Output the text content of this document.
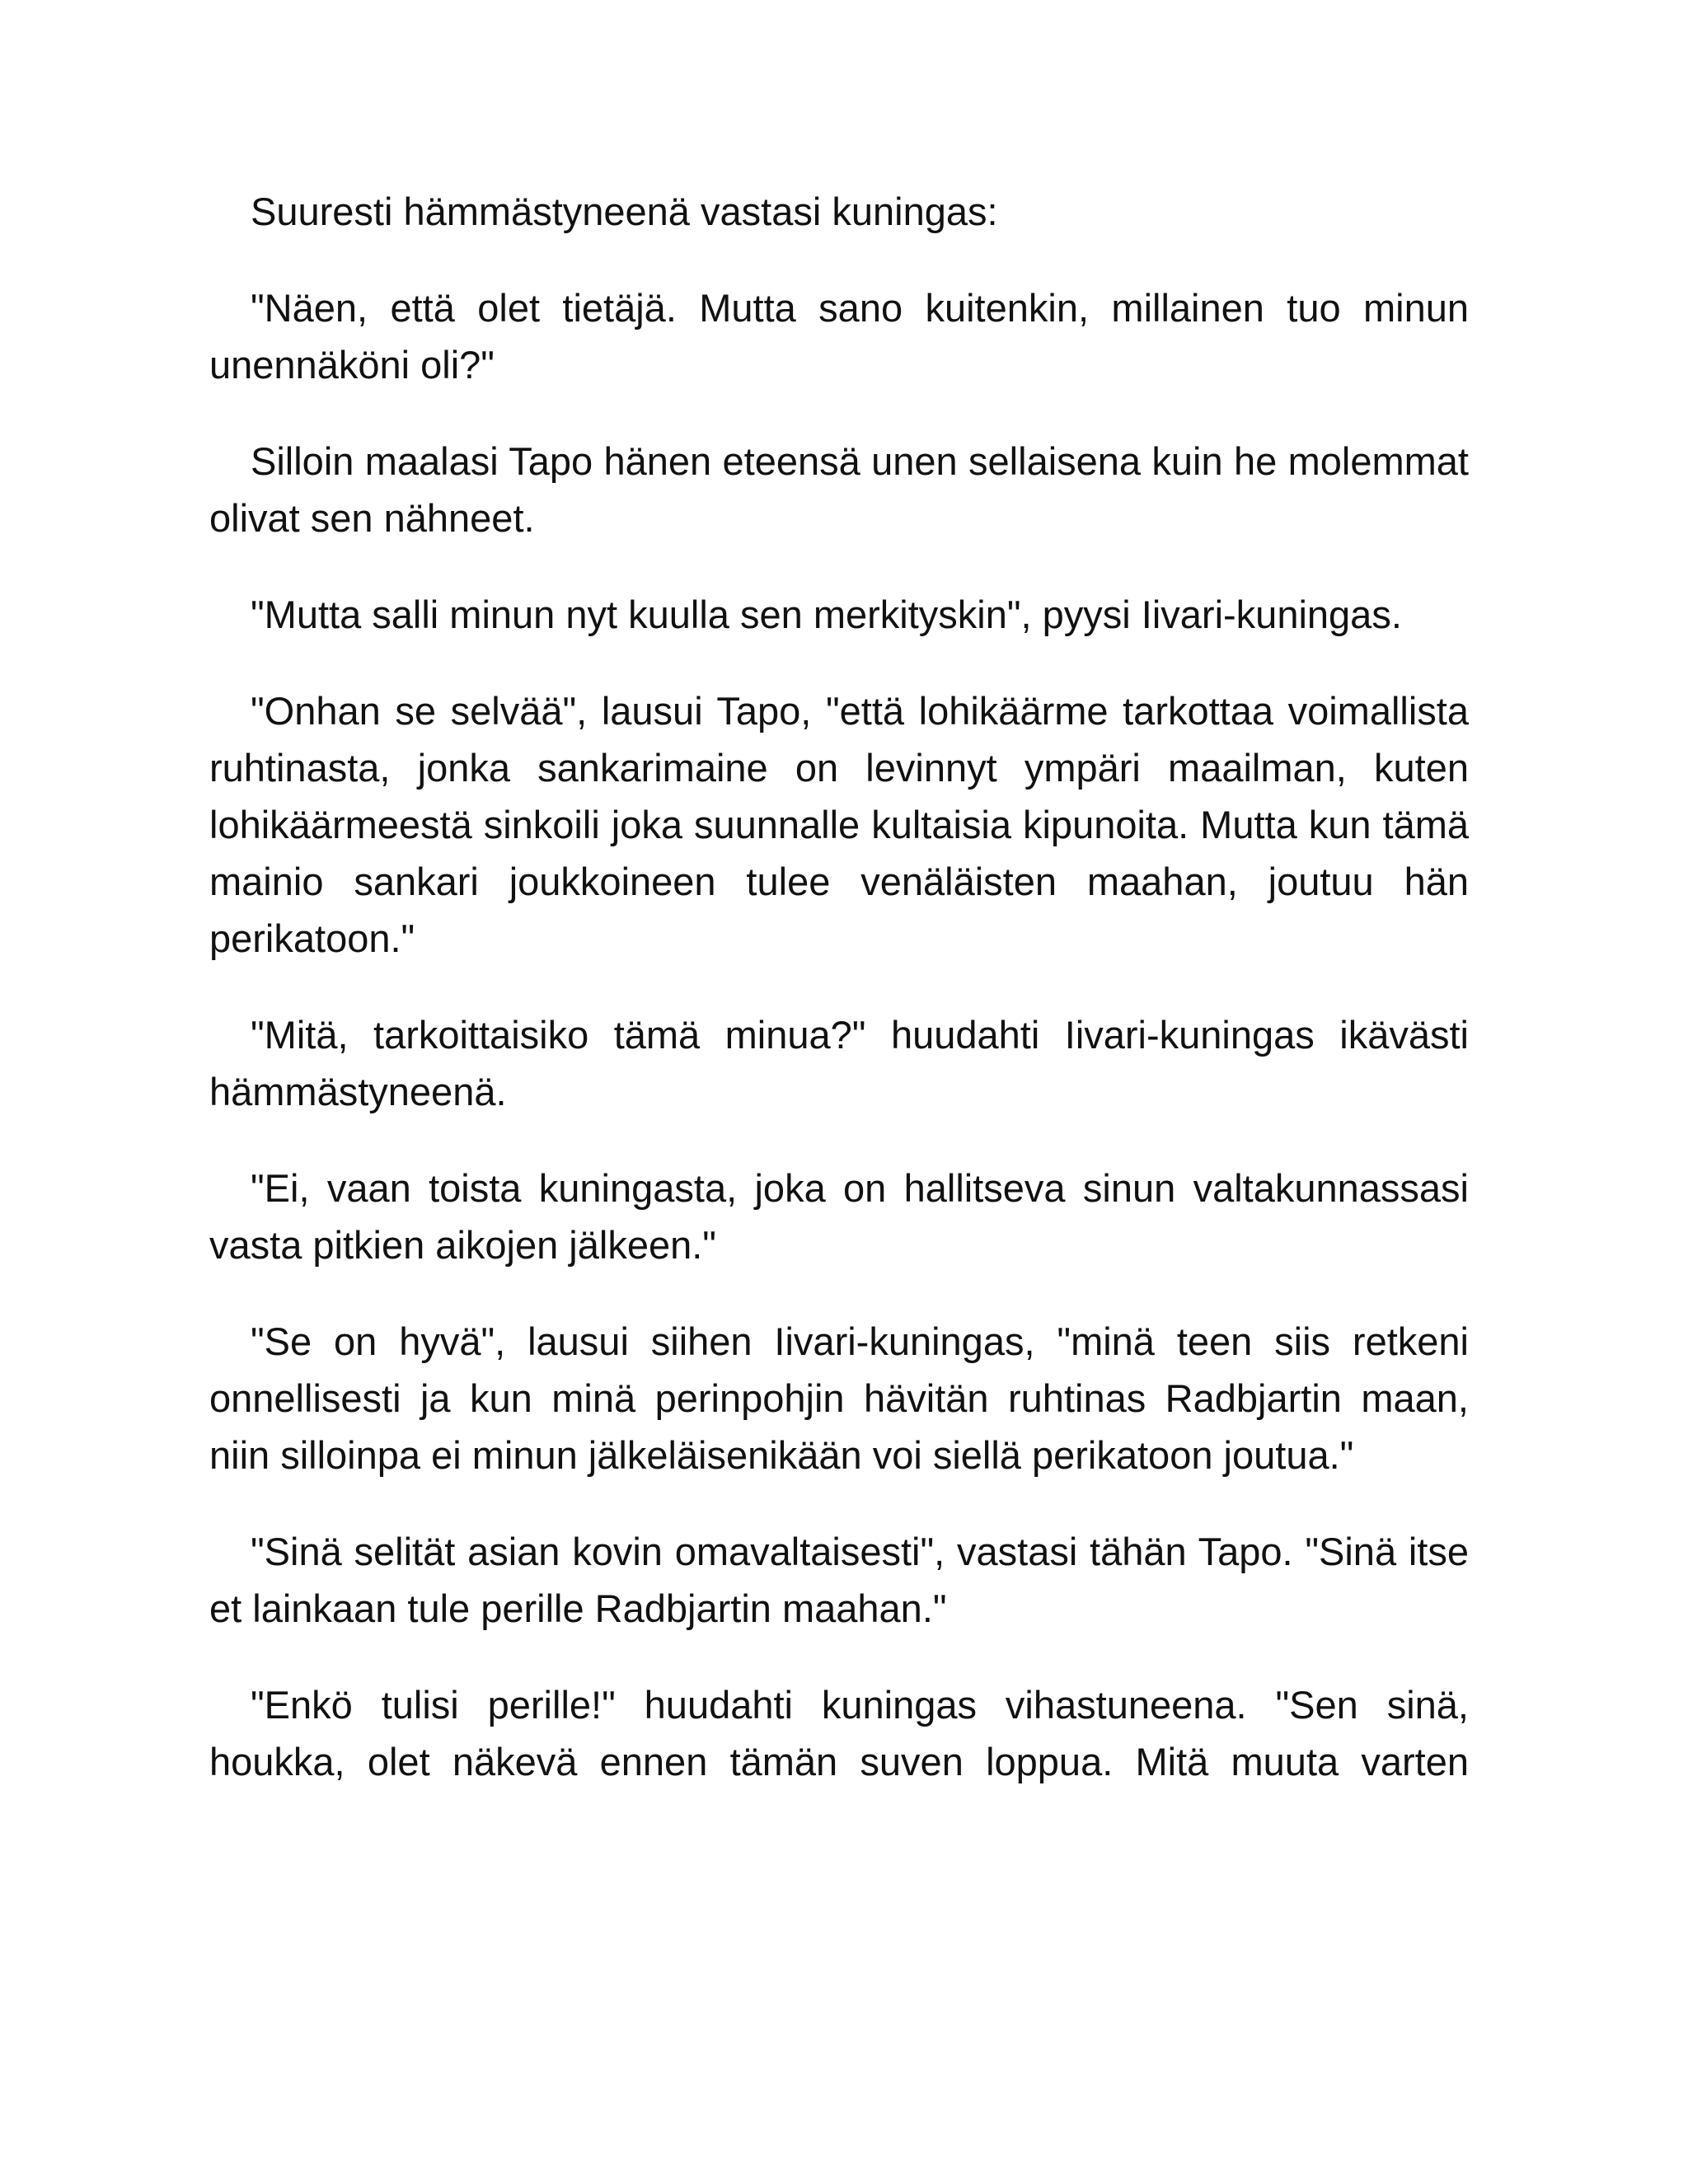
Suuresti hämmästyneenä vastasi kuningas:

"Näen, että olet tietäjä. Mutta sano kuitenkin, millainen tuo minun unennäköni oli?"

Silloin maalasi Tapo hänen eteensä unen sellaisena kuin he molemmat olivat sen nähneet.

"Mutta salli minun nyt kuulla sen merkityskin", pyysi Iivari-kuningas.

"Onhan se selvää", lausui Tapo, "että lohikäärme tarkottaa voimallista ruhtinasta, jonka sankarimaine on levinnyt ympäri maailman, kuten lohikäärmeestä sinkoili joka suunnalle kultaisia kipunoita. Mutta kun tämä mainio sankari joukkoineen tulee venäläisten maahan, joutuu hän perikatoon."

"Mitä, tarkoittaisiko tämä minua?" huudahti Iivari-kuningas ikävästi hämmästyneenä.

"Ei, vaan toista kuningasta, joka on hallitseva sinun valtakunnassasi vasta pitkien aikojen jälkeen."

"Se on hyvä", lausui siihen Iivari-kuningas, "minä teen siis retkeni onnellisesti ja kun minä perinpohjin hävitän ruhtinas Radbjartin maan, niin silloinpa ei minun jälkeläisenikään voi siellä perikatoon joutua."

"Sinä selität asian kovin omavaltaisesti", vastasi tähän Tapo. "Sinä itse et lainkaan tule perille Radbjartin maahan."

"Enkö tulisi perille!" huudahti kuningas vihastuneena. "Sen sinä, houkka, olet näkevä ennen tämän suven loppua. Mitä muuta varten
